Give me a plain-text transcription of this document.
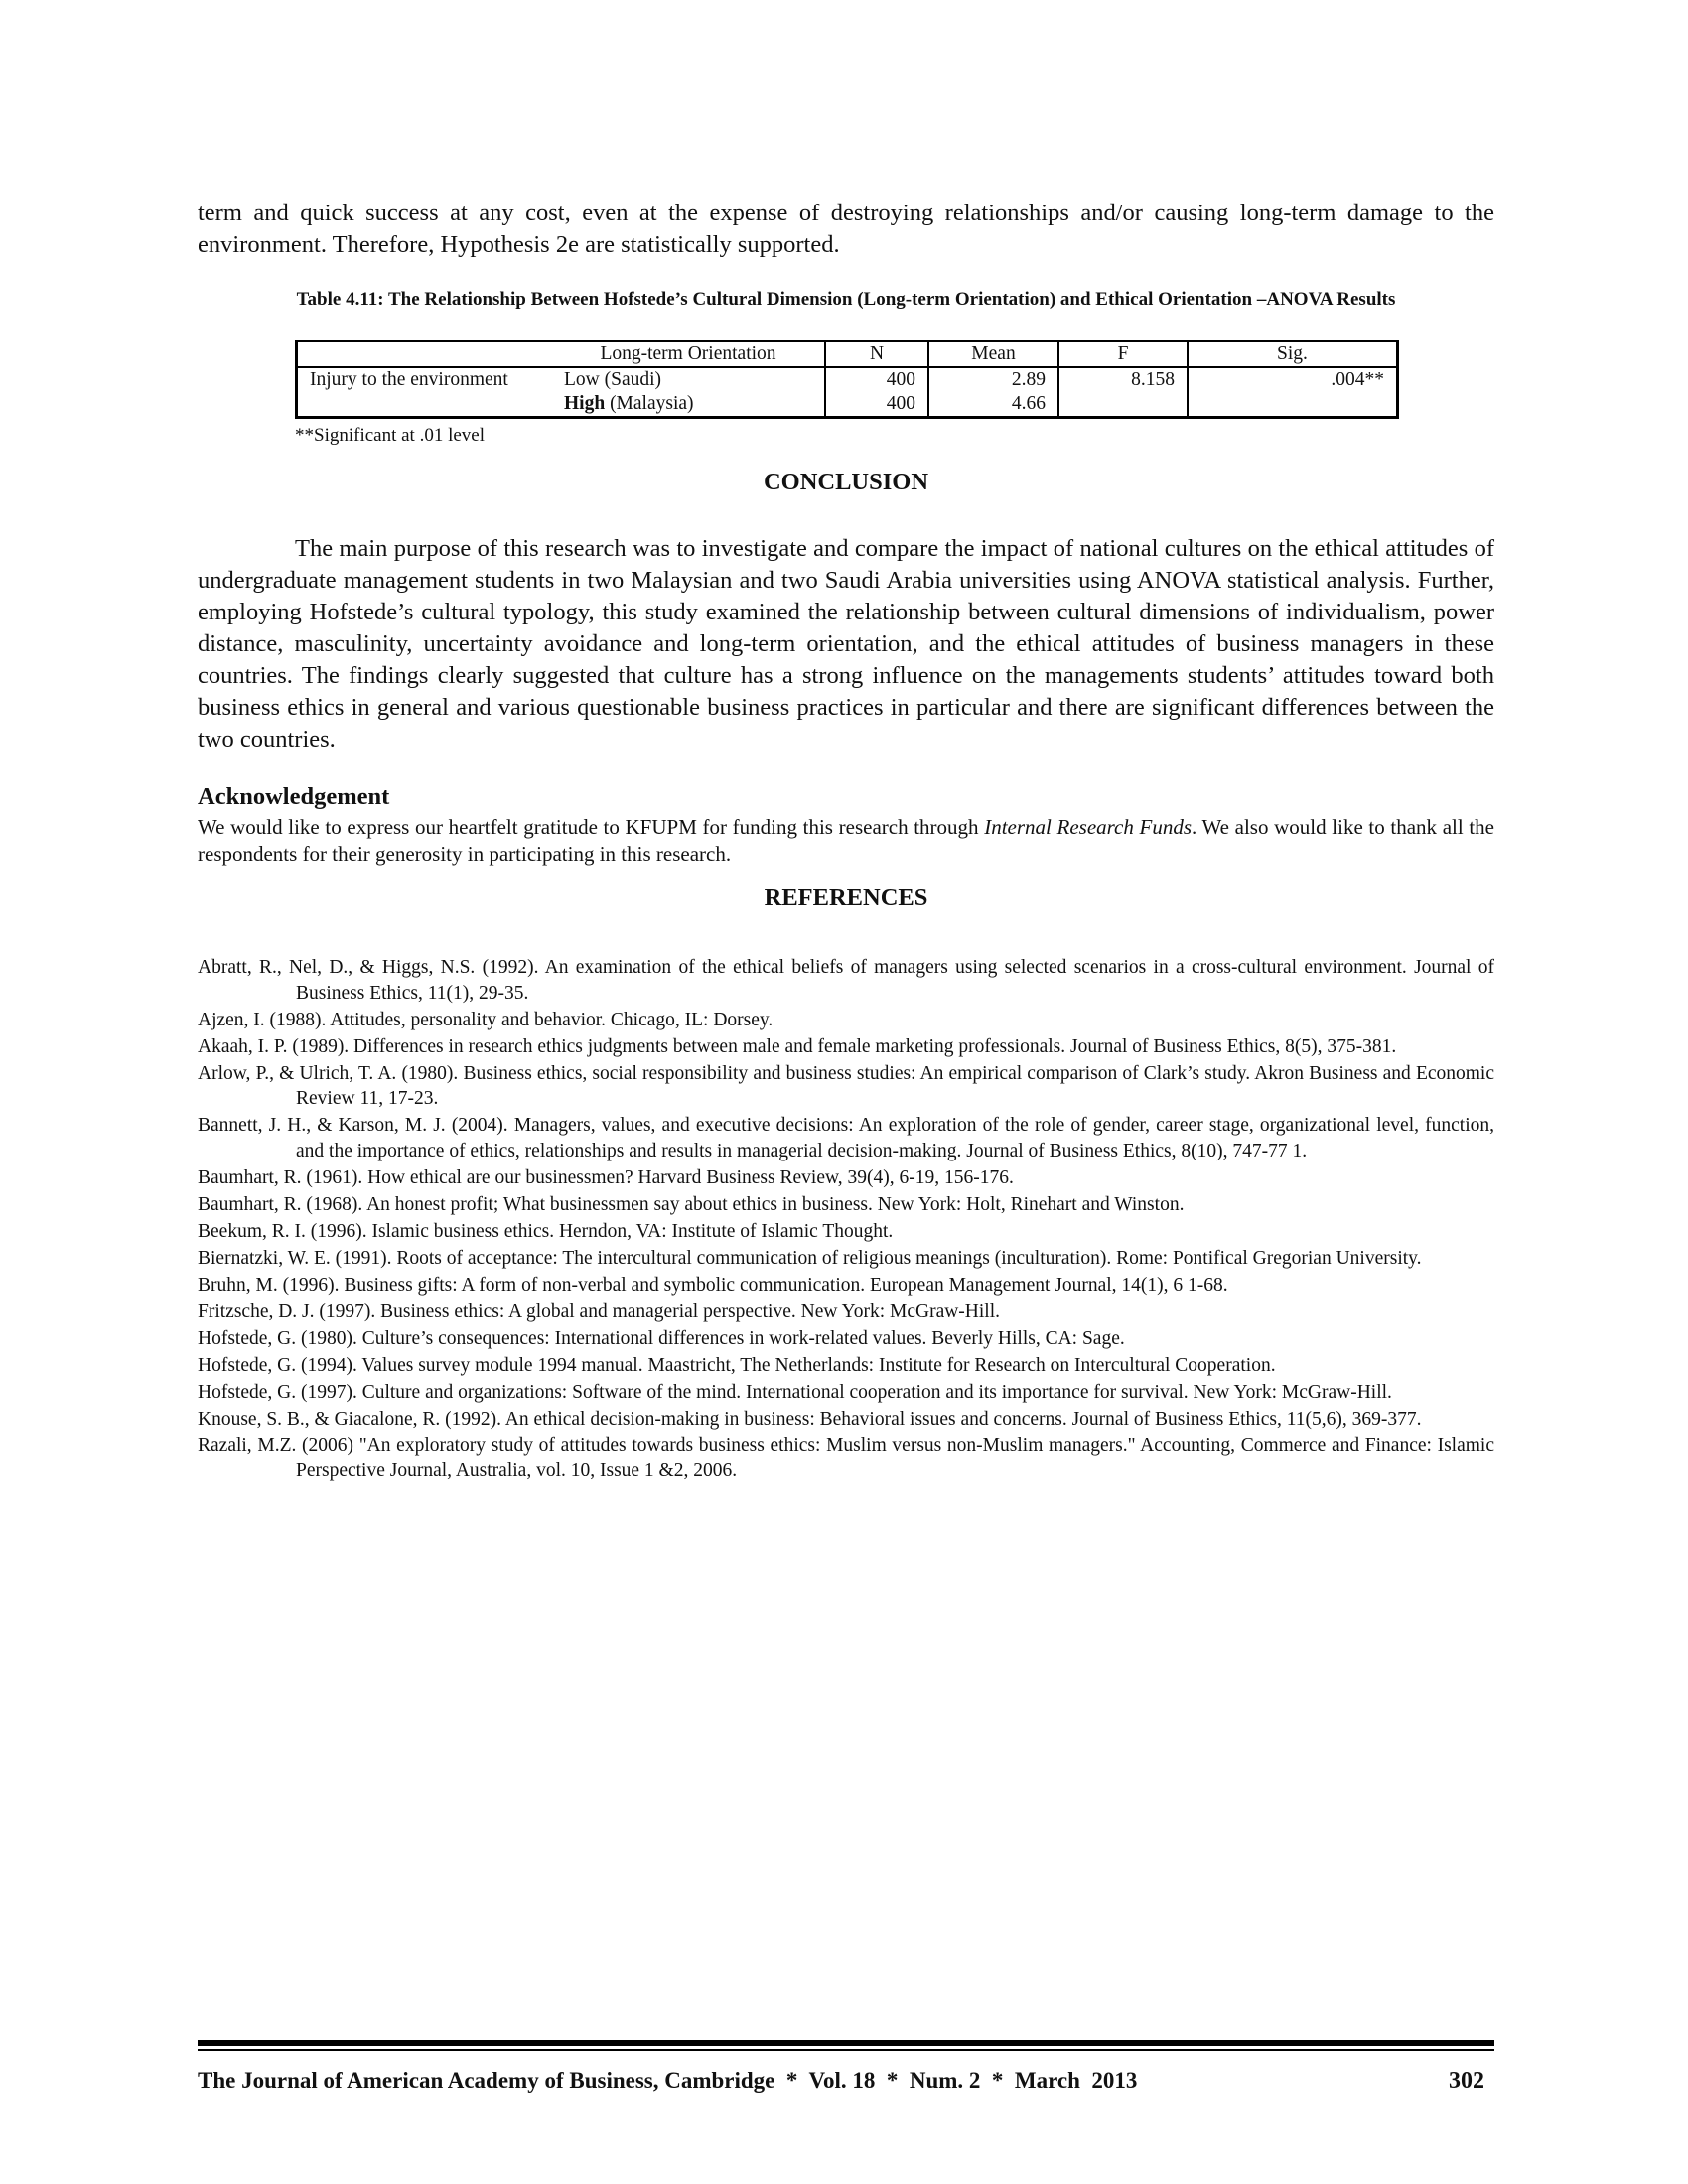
term and quick success at any cost, even at the expense of destroying relationships and/or causing long-term damage to the environment. Therefore, Hypothesis 2e are statistically supported.

Table 4.11: The Relationship Between Hofstede’s Cultural Dimension (Long-term Orientation) and Ethical Orientation –ANOVA Results
	Long-term Orientation	N	Mean	F	Sig.
Injury to the environment	Low (Saudi)	400	2.89	8.158	.004**
	High (Malaysia)	400	4.66		
**Significant at .01 level
CONCLUSION

The main purpose of this research was to investigate and compare the impact of national cultures on the ethical attitudes of undergraduate management students in two Malaysian and two Saudi Arabia universities using ANOVA statistical analysis. Further, employing Hofstede’s cultural typology, this study examined the relationship between cultural dimensions of individualism, power distance, masculinity, uncertainty avoidance and long-term orientation, and the ethical attitudes of business managers in these countries. The findings clearly suggested that culture has a strong influence on the managements students’ attitudes toward both business ethics in general and various questionable business practices in particular and there are significant differences between the two countries.

Acknowledgement

We would like to express our heartfelt gratitude to KFUPM for funding this research through Internal Research Funds. We also would like to thank all the respondents for their generosity in participating in this research.

REFERENCES
Abratt, R., Nel, D., & Higgs, N.S. (1992). An examination of the ethical beliefs of managers using selected scenarios in a cross-cultural environment. Journal of Business Ethics, 11(1), 29-35.
Ajzen, I. (1988). Attitudes, personality and behavior. Chicago, IL: Dorsey.
Akaah, I. P. (1989). Differences in research ethics judgments between male and female marketing professionals. Journal of Business Ethics, 8(5), 375-381.
Arlow, P., & Ulrich, T. A. (1980). Business ethics, social responsibility and business studies: An empirical comparison of Clark’s study. Akron Business and Economic Review 11, 17-23.
Bannett, J. H., & Karson, M. J. (2004). Managers, values, and executive decisions: An exploration of the role of gender, career stage, organizational level, function, and the importance of ethics, relationships and results in managerial decision-making. Journal of Business Ethics, 8(10), 747-77 1.
Baumhart, R. (1961). How ethical are our businessmen? Harvard Business Review, 39(4), 6-19, 156-176.
Baumhart, R. (1968). An honest profit; What businessmen say about ethics in business. New York: Holt, Rinehart and Winston.
Beekum, R. I. (1996). Islamic business ethics. Herndon, VA: Institute of Islamic Thought.
Biernatzki, W. E. (1991). Roots of acceptance: The intercultural communication of religious meanings (inculturation). Rome: Pontifical Gregorian University.
Bruhn, M. (1996). Business gifts: A form of non-verbal and symbolic communication. European Management Journal, 14(1), 6 1-68.
Fritzsche, D. J. (1997). Business ethics: A global and managerial perspective. New York: McGraw-Hill.
Hofstede, G. (1980). Culture’s consequences: International differences in work-related values. Beverly Hills, CA: Sage.
Hofstede, G. (1994). Values survey module 1994 manual. Maastricht, The Netherlands: Institute for Research on Intercultural Cooperation.
Hofstede, G. (1997). Culture and organizations: Software of the mind. International cooperation and its importance for survival. New York: McGraw-Hill.
Knouse, S. B., & Giacalone, R. (1992). An ethical decision-making in business: Behavioral issues and concerns. Journal of Business Ethics, 11(5,6), 369-377.
Razali, M.Z. (2006) "An exploratory study of attitudes towards business ethics: Muslim versus non-Muslim managers." Accounting, Commerce and Finance: Islamic Perspective Journal, Australia, vol. 10, Issue 1 &2, 2006.
The Journal of American Academy of Business, Cambridge  *  Vol. 18  *  Num. 2  *  March  2013	302
